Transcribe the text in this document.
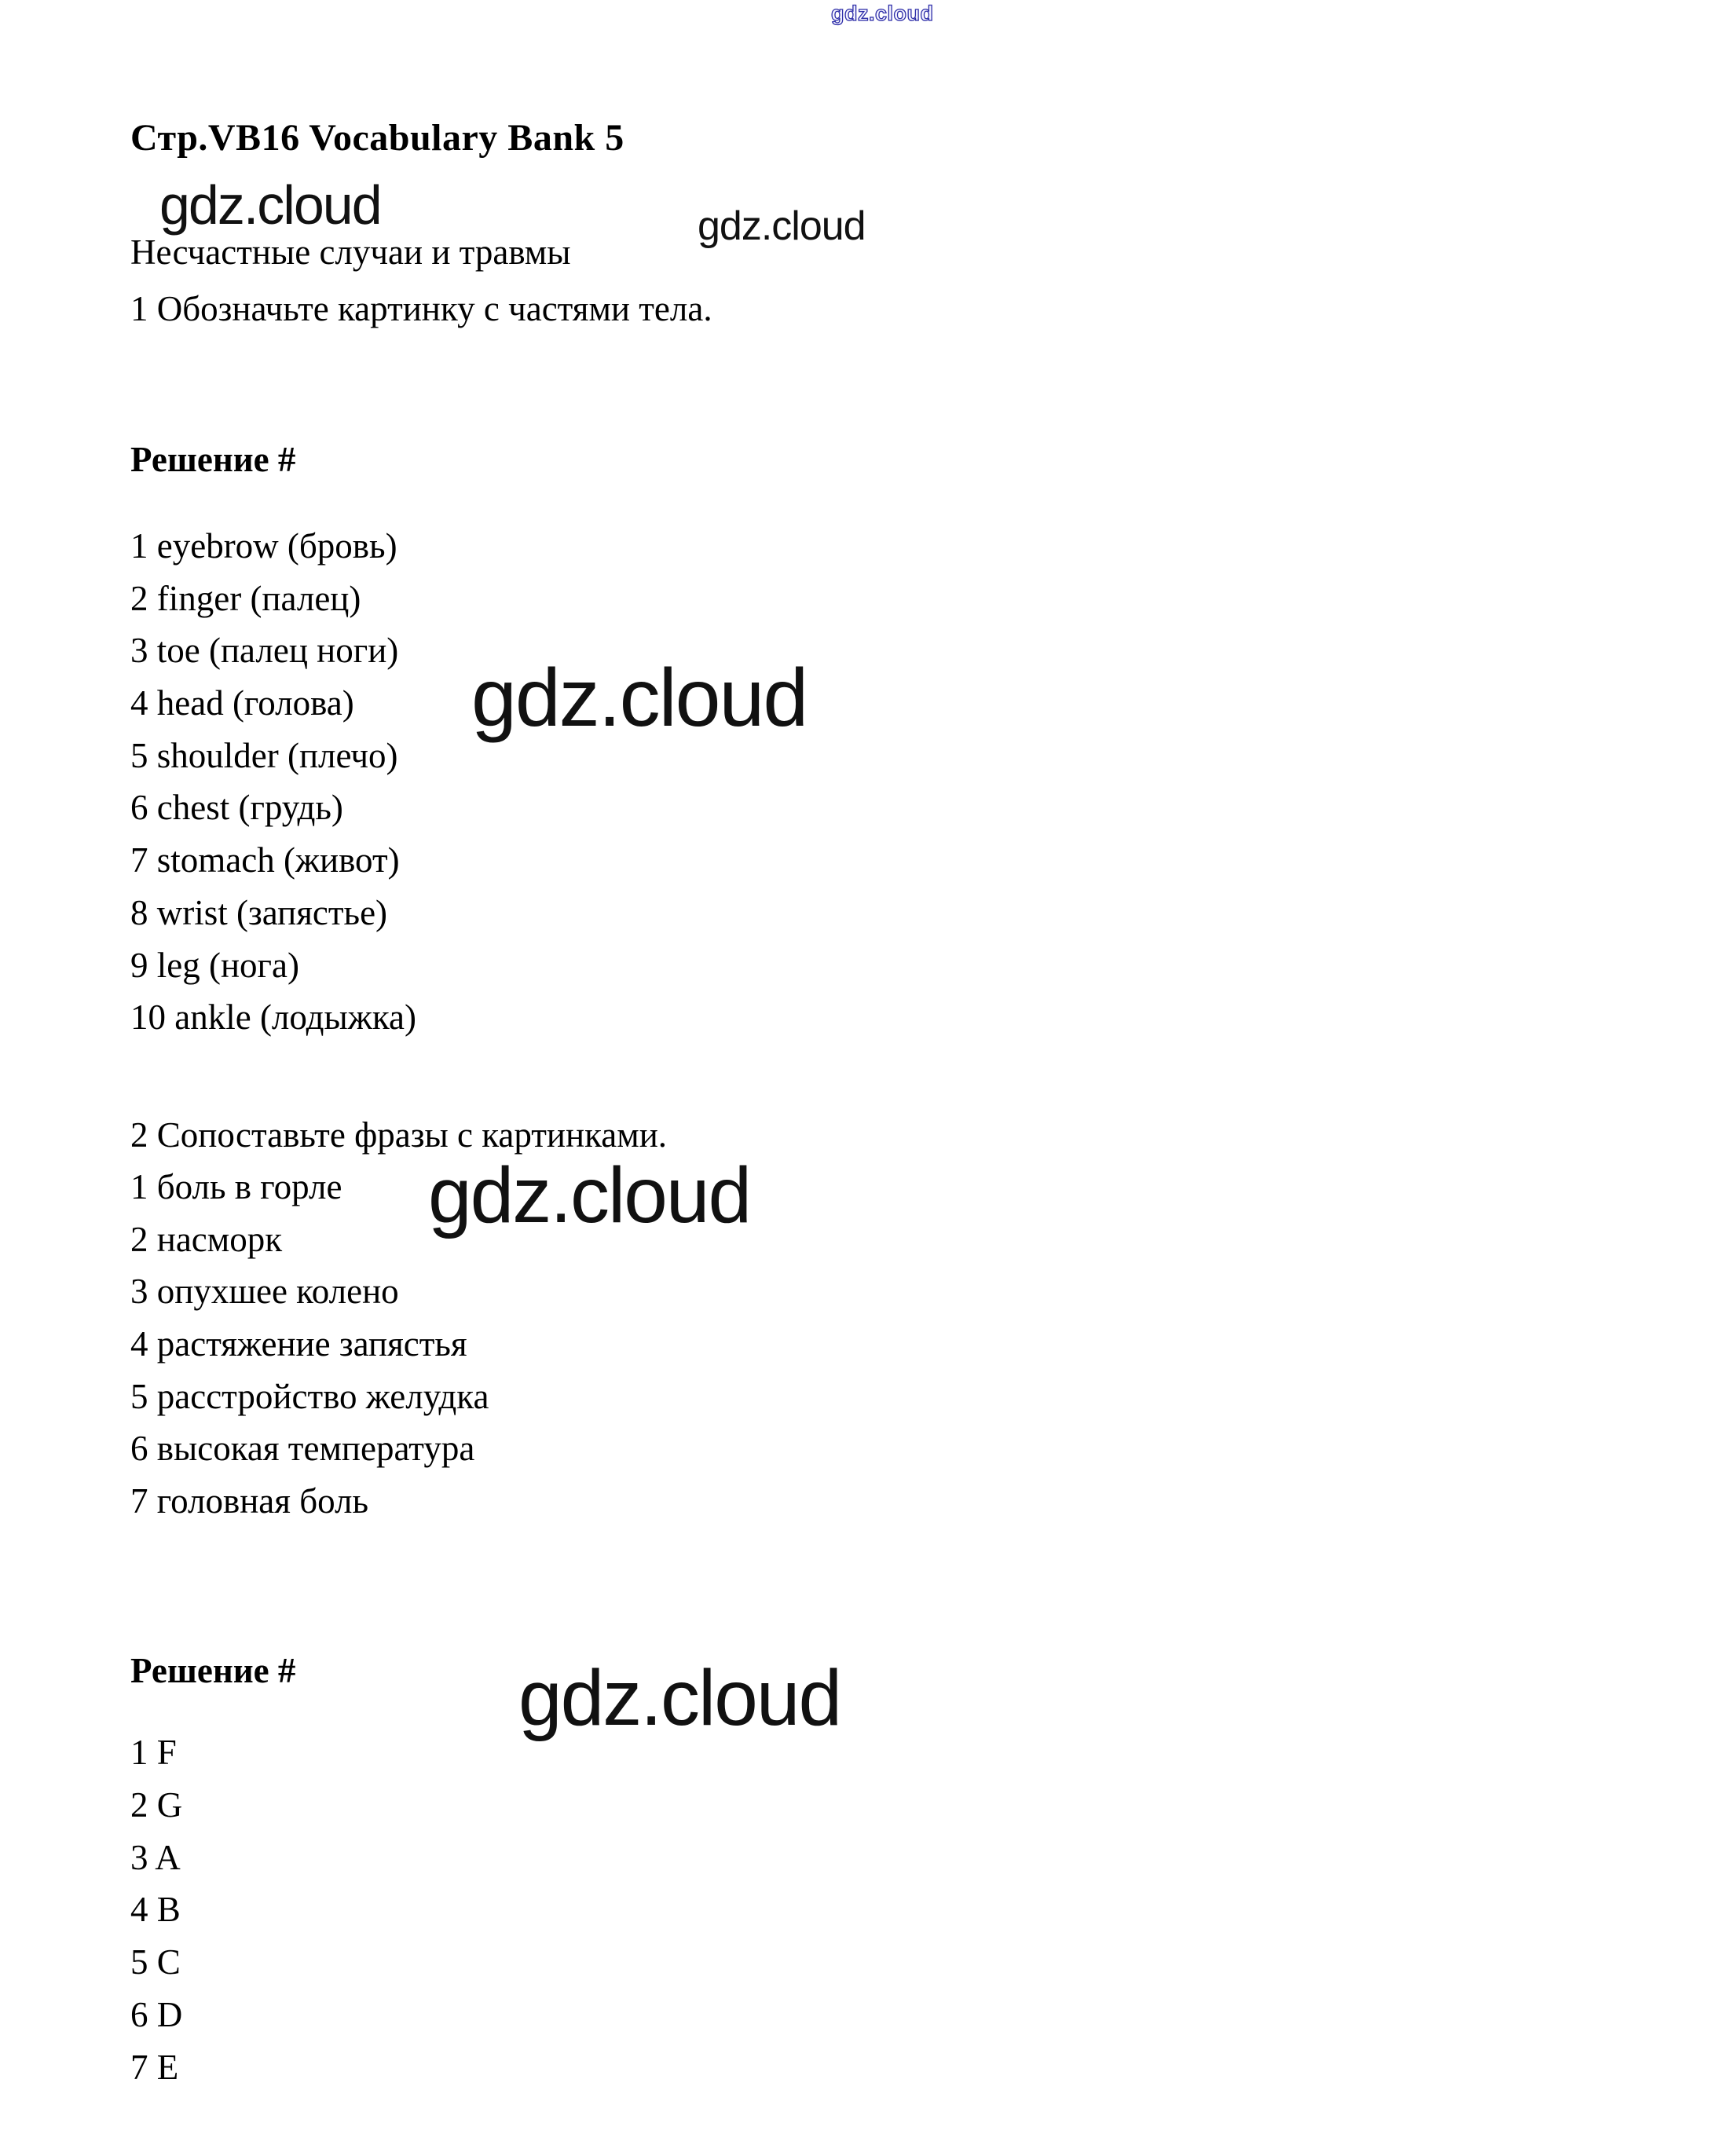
gdz.cloud
Стр.VB16 Vocabulary Bank 5
gdz.cloud	gdz.cloud
Несчастные случаи и травмы
1 Обозначьте картинку с частями тела.
Решение #
gdz.cloud
1 eyebrow (бровь)
2 finger (палец)
3 toe (палец ноги)
4 head (голова)
5 shoulder (плечо)
6 chest (грудь)
7 stomach (живот)
8 wrist (запястье)
9 leg (нога)
10 ankle (лодыжка)
2 Сопоставьте фразы с картинками.
gdz.cloud
1 боль в горле
2 насморк
3 опухшее колено
4 растяжение запястья
5 расстройство желудка
6 высокая температура
7 головная боль
Решение #	gdz.cloud
1 F
2 G
3 A
4 B
5 C
6 D
7 E
